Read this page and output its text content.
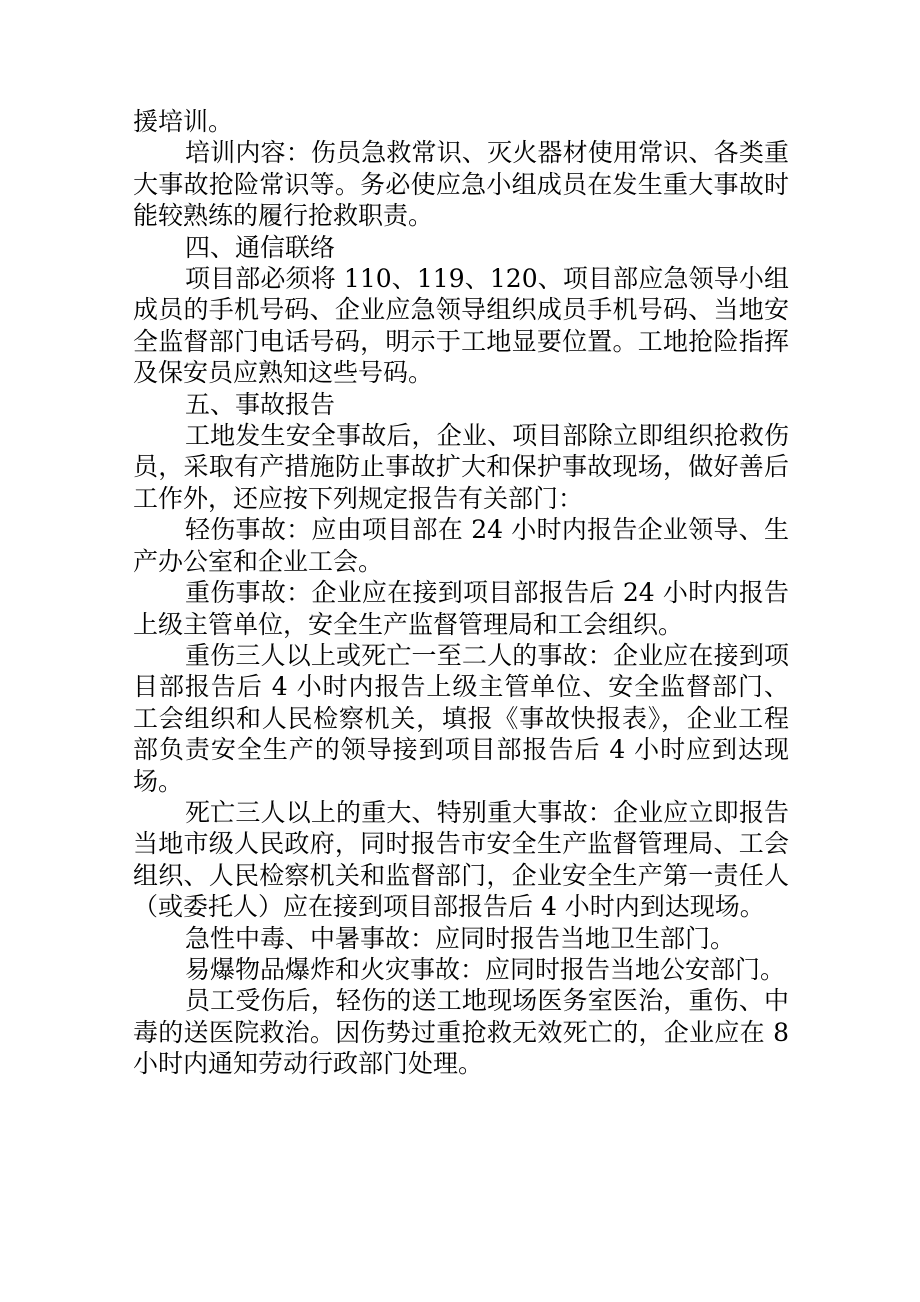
援培训。

培训内容：伤员急救常识、灭火器材使用常识、各类重大事故抢险常识等。务必使应急小组成员在发生重大事故时能较熟练的履行抢救职责。

四、通信联络

项目部必须将 110、119、120、项目部应急领导小组成员的手机号码、企业应急领导组织成员手机号码、当地安全监督部门电话号码，明示于工地显要位置。工地抢险指挥及保安员应熟知这些号码。

五、事故报告

工地发生安全事故后，企业、项目部除立即组织抢救伤员，采取有产措施防止事故扩大和保护事故现场，做好善后工作外，还应按下列规定报告有关部门：

轻伤事故：应由项目部在 24 小时内报告企业领导、生产办公室和企业工会。

重伤事故：企业应在接到项目部报告后 24 小时内报告上级主管单位，安全生产监督管理局和工会组织。

重伤三人以上或死亡一至二人的事故：企业应在接到项目部报告后 4 小时内报告上级主管单位、安全监督部门、工会组织和人民检察机关，填报《事故快报表》，企业工程部负责安全生产的领导接到项目部报告后 4 小时应到达现场。

死亡三人以上的重大、特别重大事故：企业应立即报告当地市级人民政府，同时报告市安全生产监督管理局、工会组织、人民检察机关和监督部门，企业安全生产第一责任人（或委托人）应在接到项目部报告后 4 小时内到达现场。

急性中毒、中暑事故：应同时报告当地卫生部门。

易爆物品爆炸和火灾事故：应同时报告当地公安部门。

员工受伤后，轻伤的送工地现场医务室医治，重伤、中毒的送医院救治。因伤势过重抢救无效死亡的，企业应在 8 小时内通知劳动行政部门处理。
